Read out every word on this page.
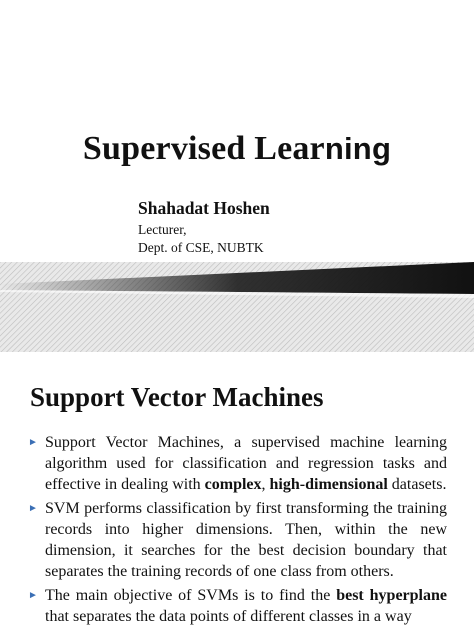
Supervised Learning
Shahadat Hoshen
Lecturer,
Dept. of CSE, NUBTK
Support Vector Machines
► Support Vector Machines, a supervised machine learning algorithm used for classification and regression tasks and effective in dealing with complex, high-dimensional datasets.
► SVM performs classification by first transforming the training records into higher dimensions. Then, within the new dimension, it searches for the best decision boundary that separates the training records of one class from others.
► The main objective of SVMs is to find the best hyperplane that separates the data points of different classes in a way
